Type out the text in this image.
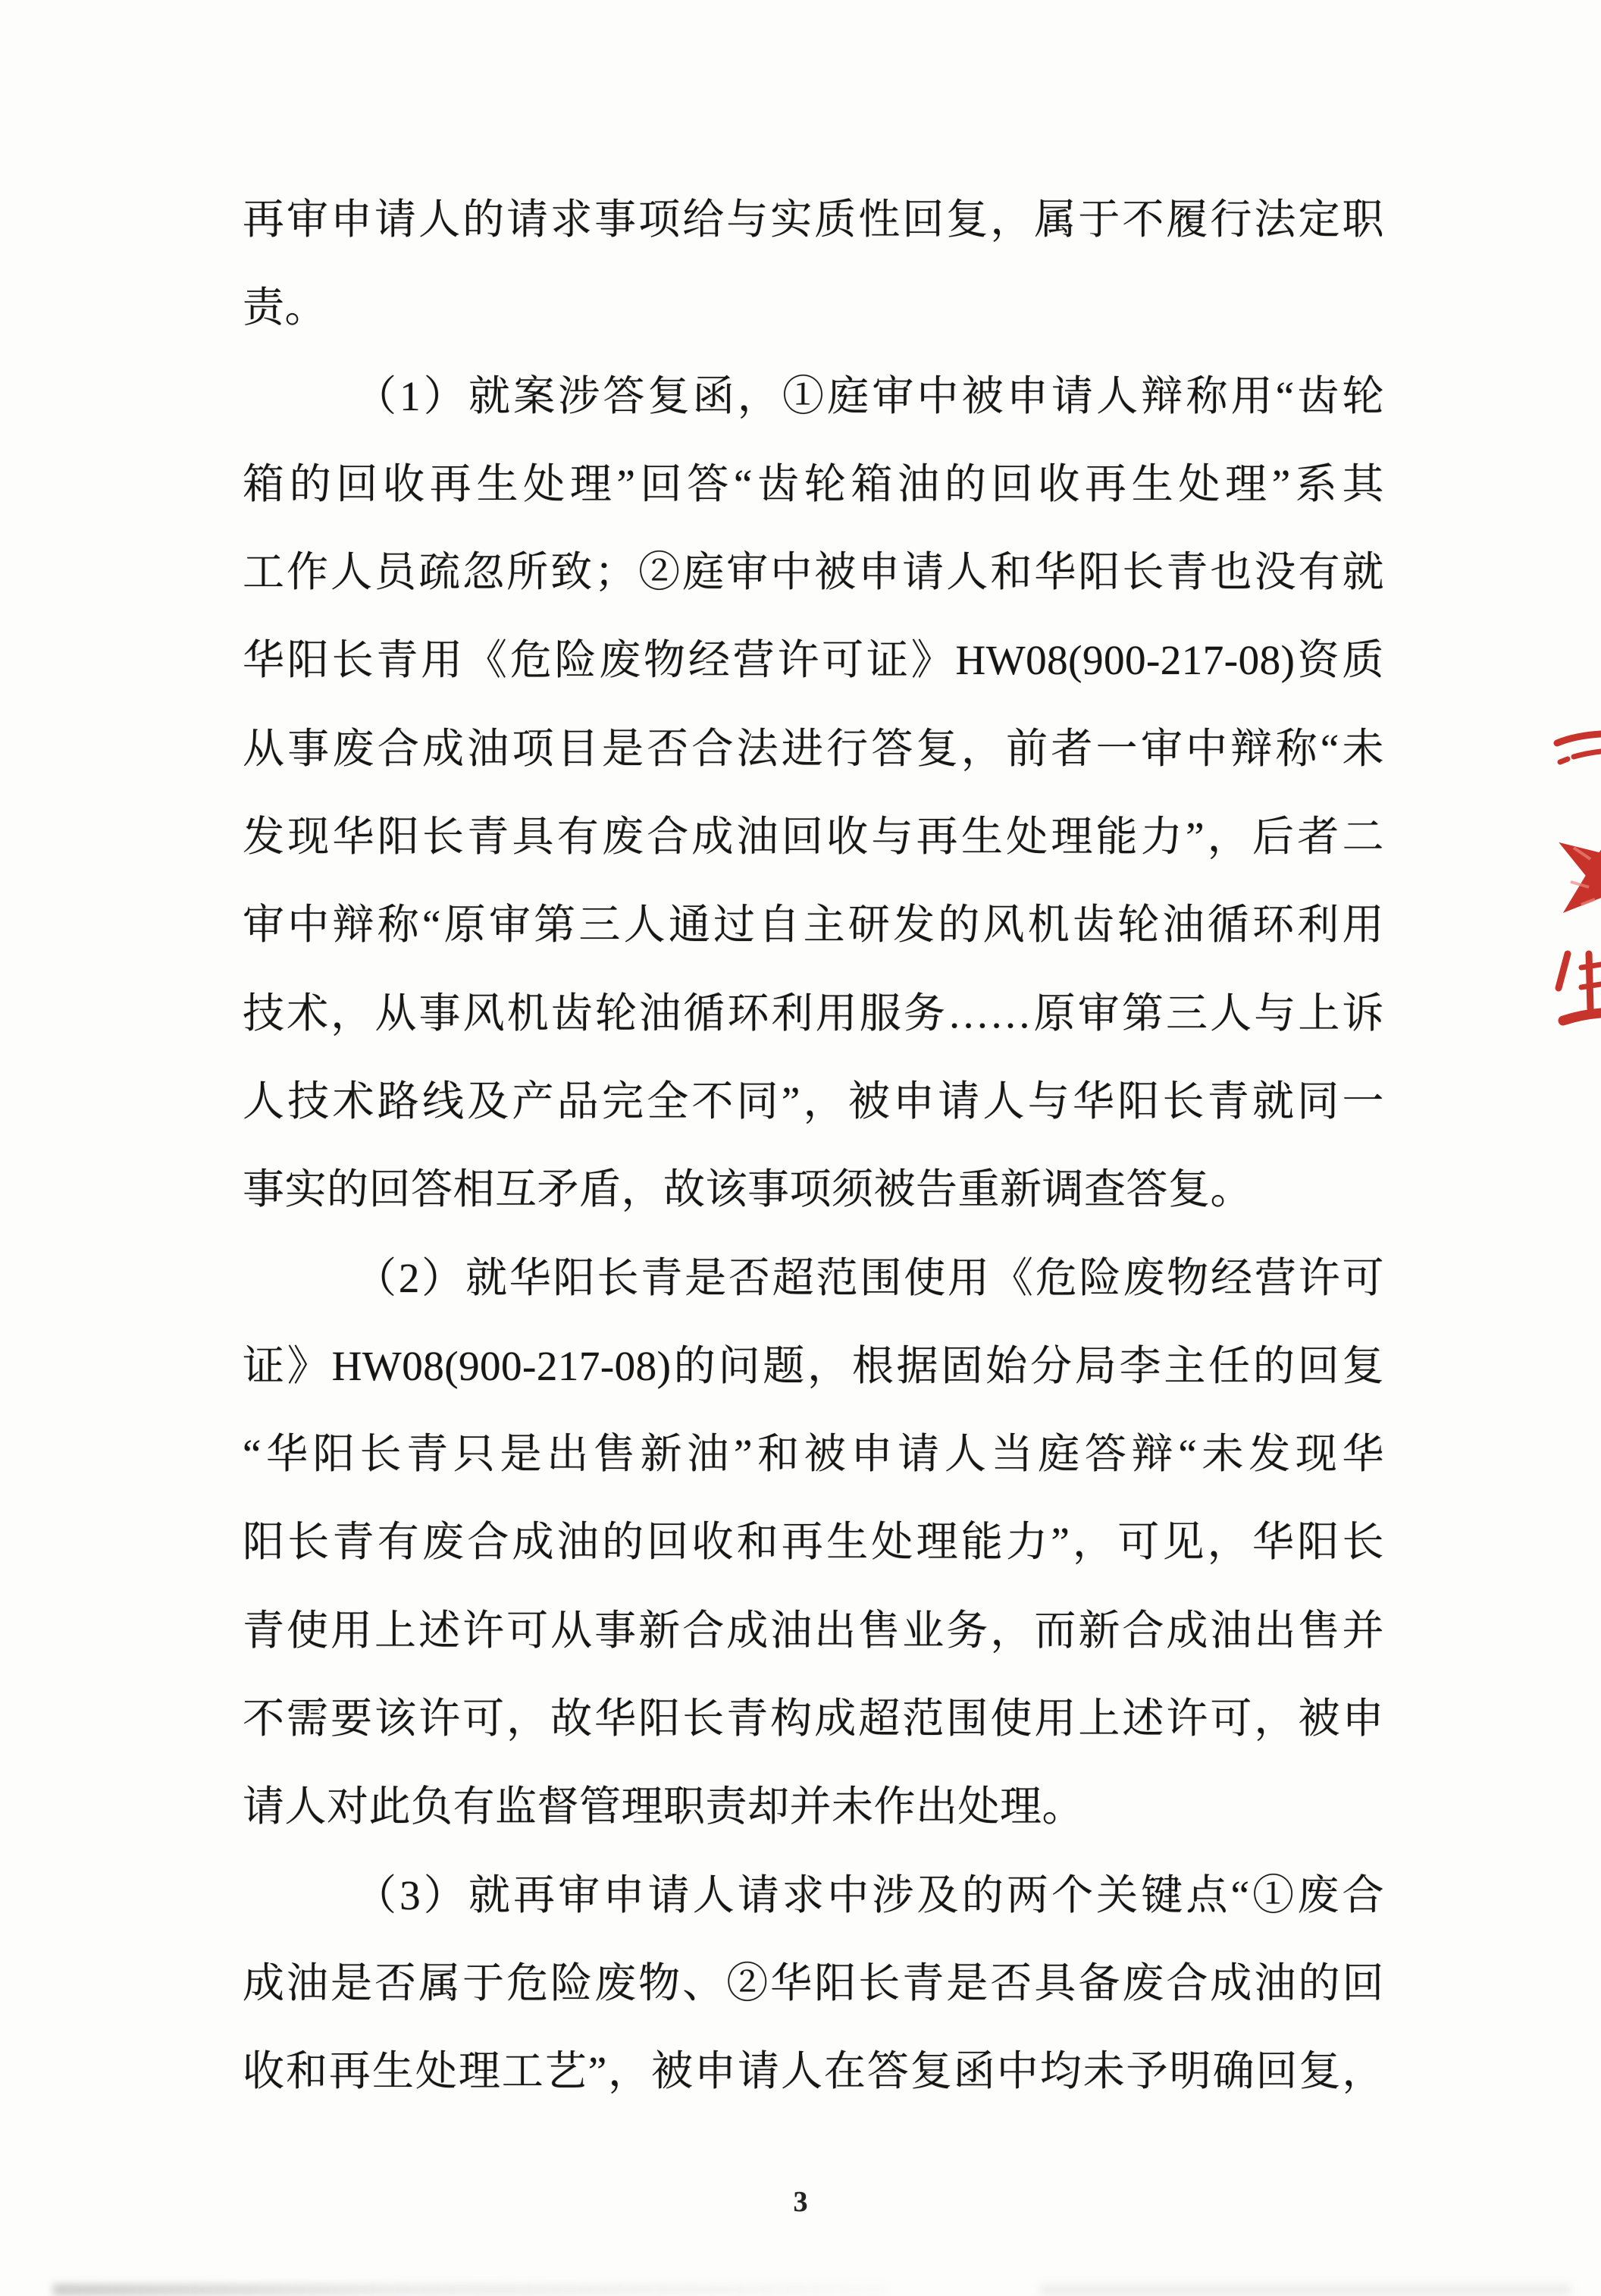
再审申请人的请求事项给与实质性回复，属于不履行法定职
责。
（1）就案涉答复函，①庭审中被申请人辩称用“齿轮
箱的回收再生处理”回答“齿轮箱油的回收再生处理”系其
工作人员疏忽所致；②庭审中被申请人和华阳长青也没有就
华阳长青用《危险废物经营许可证》HW08(900-217-08)资质
从事废合成油项目是否合法进行答复，前者一审中辩称“未
发现华阳长青具有废合成油回收与再生处理能力”，后者二
审中辩称“原审第三人通过自主研发的风机齿轮油循环利用
技术，从事风机齿轮油循环利用服务……原审第三人与上诉
人技术路线及产品完全不同”，被申请人与华阳长青就同一
事实的回答相互矛盾，故该事项须被告重新调查答复。
（2）就华阳长青是否超范围使用《危险废物经营许可
证》HW08(900-217-08)的问题，根据固始分局李主任的回复
“华阳长青只是出售新油”和被申请人当庭答辩“未发现华
阳长青有废合成油的回收和再生处理能力”，可见，华阳长
青使用上述许可从事新合成油出售业务，而新合成油出售并
不需要该许可，故华阳长青构成超范围使用上述许可，被申
请人对此负有监督管理职责却并未作出处理。
（3）就再审申请人请求中涉及的两个关键点“①废合
成油是否属于危险废物、②华阳长青是否具备废合成油的回
收和再生处理工艺”，被申请人在答复函中均未予明确回复，
3
